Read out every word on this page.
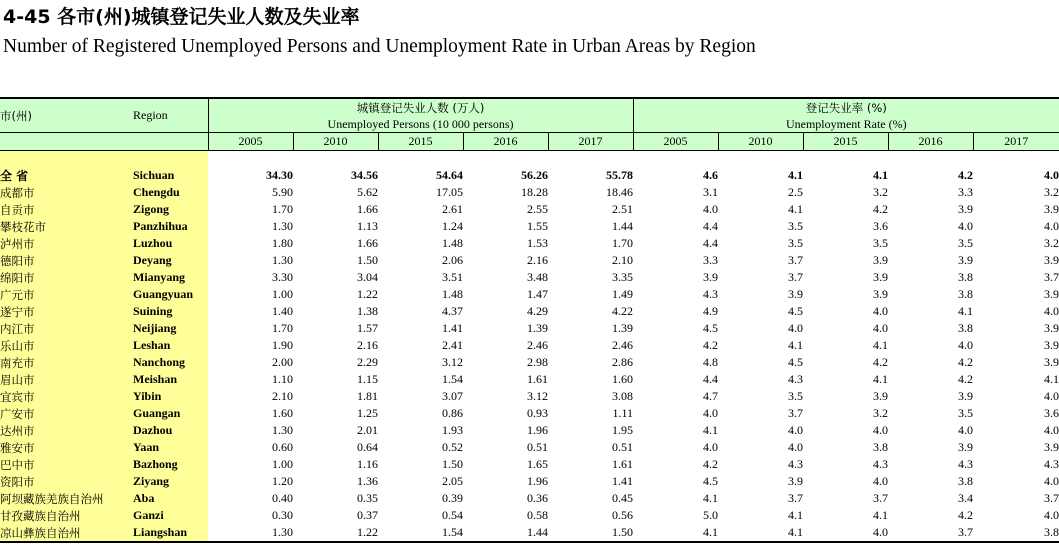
4-45 各市(州)城镇登记失业人数及失业率
Number of Registered Unemployed Persons and Unemployment Rate in Urban Areas by Region
市(州)	Region	城镇登记失业人数 (万人)					登记失业率 (%)				
		Unemployed Persons (10 000 persons)					Unemployment Rate (%)				
		2005	2010	2015	2016	2017	2005	2010	2015	2016	2017

全 省	Sichuan	34.30	34.56	54.64	56.26	55.78	4.6	4.1	4.1	4.2	4.0
成都市	Chengdu	5.90	5.62	17.05	18.28	18.46	3.1	2.5	3.2	3.3	3.2
自贡市	Zigong	1.70	1.66	2.61	2.55	2.51	4.0	4.1	4.2	3.9	3.9
攀枝花市	Panzhihua	1.30	1.13	1.24	1.55	1.44	4.4	3.5	3.6	4.0	4.0
泸州市	Luzhou	1.80	1.66	1.48	1.53	1.70	4.4	3.5	3.5	3.5	3.2
德阳市	Deyang	1.30	1.50	2.06	2.16	2.10	3.3	3.7	3.9	3.9	3.9
绵阳市	Mianyang	3.30	3.04	3.51	3.48	3.35	3.9	3.7	3.9	3.8	3.7
广元市	Guangyuan	1.00	1.22	1.48	1.47	1.49	4.3	3.9	3.9	3.8	3.9
遂宁市	Suining	1.40	1.38	4.37	4.29	4.22	4.9	4.5	4.0	4.1	4.0
内江市	Neijiang	1.70	1.57	1.41	1.39	1.39	4.5	4.0	4.0	3.8	3.9
乐山市	Leshan	1.90	2.16	2.41	2.46	2.46	4.2	4.1	4.1	4.0	3.9
南充市	Nanchong	2.00	2.29	3.12	2.98	2.86	4.8	4.5	4.2	4.2	3.9
眉山市	Meishan	1.10	1.15	1.54	1.61	1.60	4.4	4.3	4.1	4.2	4.1
宜宾市	Yibin	2.10	1.81	3.07	3.12	3.08	4.7	3.5	3.9	3.9	4.0
广安市	Guangan	1.60	1.25	0.86	0.93	1.11	4.0	3.7	3.2	3.5	3.6
达州市	Dazhou	1.30	2.01	1.93	1.96	1.95	4.1	4.0	4.0	4.0	4.0
雅安市	Yaan	0.60	0.64	0.52	0.51	0.51	4.0	4.0	3.8	3.9	3.9
巴中市	Bazhong	1.00	1.16	1.50	1.65	1.61	4.2	4.3	4.3	4.3	4.3
资阳市	Ziyang	1.20	1.36	2.05	1.96	1.41	4.5	3.9	4.0	3.8	4.0
阿坝藏族羌族自治州	Aba	0.40	0.35	0.39	0.36	0.45	4.1	3.7	3.7	3.4	3.7
甘孜藏族自治州	Ganzi	0.30	0.37	0.54	0.58	0.56	5.0	4.1	4.1	4.2	4.0
凉山彝族自治州	Liangshan	1.30	1.22	1.54	1.44	1.50	4.1	4.1	4.0	3.7	3.8
